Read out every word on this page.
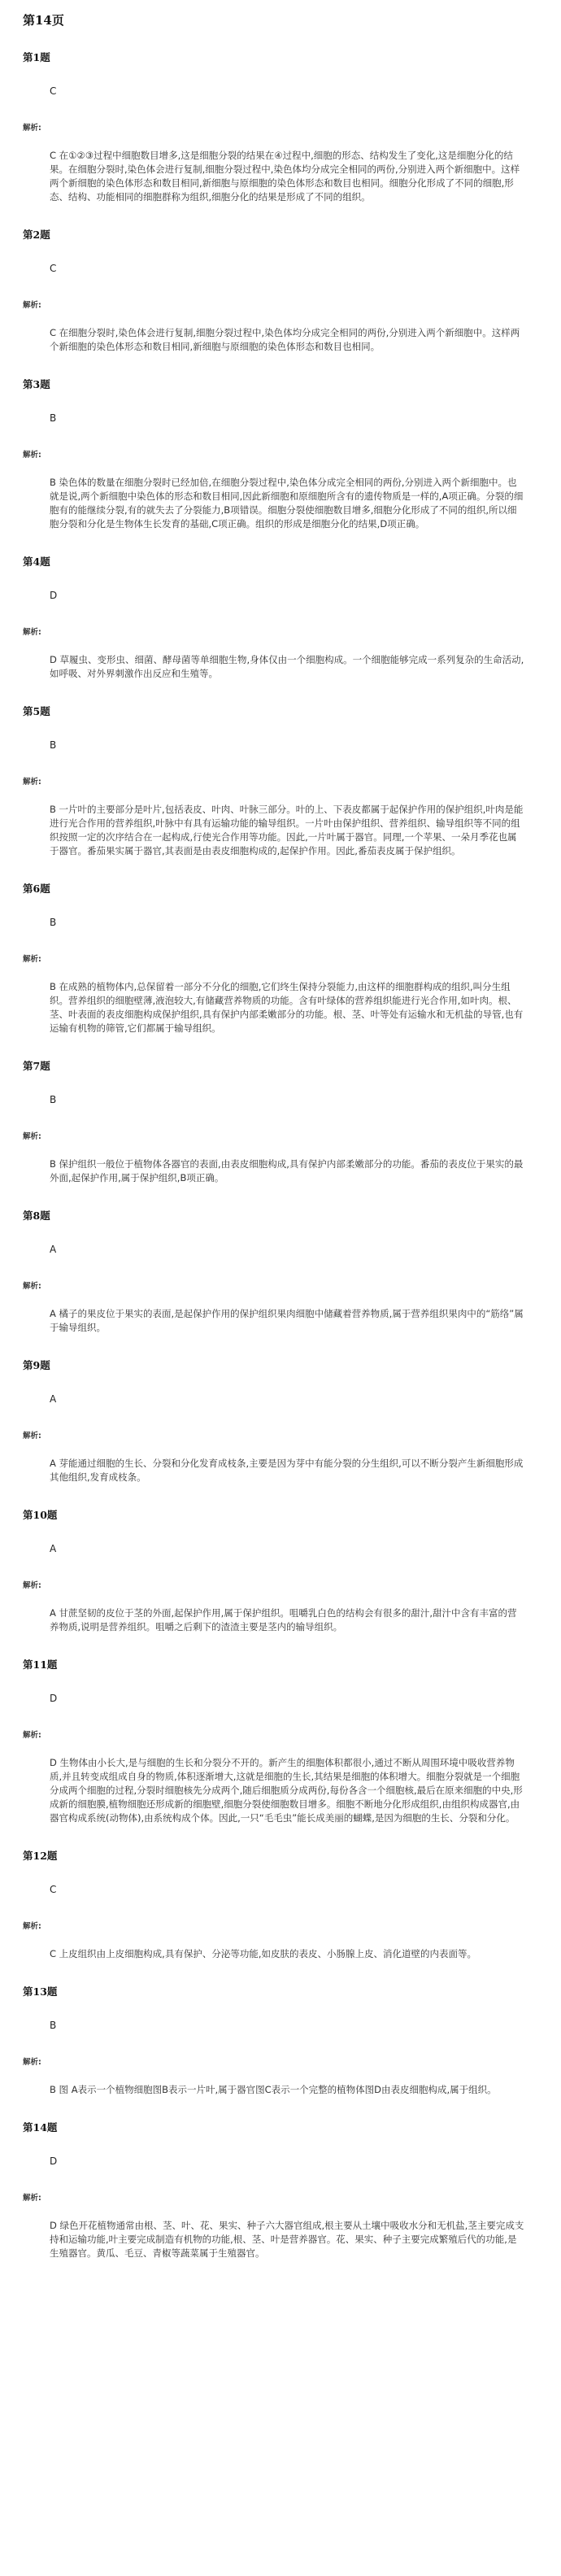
第14页
第1题
C
解析:
C 在①②③过程中细胞数目增多,这是细胞分裂的结果在④过程中,细胞的形态、结构发生了变化,这是细胞分化的结果。在细胞分裂时,染色体会进行复制,细胞分裂过程中,染色体均分成完全相同的两份,分别进入两个新细胞中。这样两个新细胞的染色体形态和数目相同,新细胞与原细胞的染色体形态和数目也相同。细胞分化形成了不同的细胞,形态、结构、功能相同的细胞群称为组织,细胞分化的结果是形成了不同的组织。
第2题
C
解析:
C 在细胞分裂时,染色体会进行复制,细胞分裂过程中,染色体均分成完全相同的两份,分别进入两个新细胞中。这样两个新细胞的染色体形态和数目相同,新细胞与原细胞的染色体形态和数目也相同。
第3题
B
解析:
B 染色体的数量在细胞分裂时已经加倍,在细胞分裂过程中,染色体分成完全相同的两份,分别进入两个新细胞中。也就是说,两个新细胞中染色体的形态和数目相同,因此新细胞和原细胞所含有的遗传物质是一样的,A项正确。分裂的细胞有的能继续分裂,有的就失去了分裂能力,B项错误。细胞分裂使细胞数目增多,细胞分化形成了不同的组织,所以细胞分裂和分化是生物体生长发育的基础,C项正确。组织的形成是细胞分化的结果,D项正确。
第4题
D
解析:
D 草履虫、变形虫、细菌、酵母菌等单细胞生物,身体仅由一个细胞构成。一个细胞能够完成一系列复杂的生命活动,如呼吸、对外界刺激作出反应和生殖等。
第5题
B
解析:
B 一片叶的主要部分是叶片,包括表皮、叶肉、叶脉三部分。叶的上、下表皮都属于起保护作用的保护组织,叶肉是能进行光合作用的营养组织,叶脉中有具有运输功能的输导组织。一片叶由保护组织、营养组织、输导组织等不同的组织按照一定的次序结合在一起构成,行使光合作用等功能。因此,一片叶属于器官。同理,一个苹果、一朵月季花也属于器官。番茄果实属于器官,其表面是由表皮细胞构成的,起保护作用。因此,番茄表皮属于保护组织。
第6题
B
解析:
B 在成熟的植物体内,总保留着一部分不分化的细胞,它们终生保持分裂能力,由这样的细胞群构成的组织,叫分生组织。营养组织的细胞壁薄,液泡较大,有储藏营养物质的功能。含有叶绿体的营养组织能进行光合作用,如叶肉。根、茎、叶表面的表皮细胞构成保护组织,具有保护内部柔嫩部分的功能。根、茎、叶等处有运输水和无机盐的导管,也有运输有机物的筛管,它们都属于输导组织。
第7题
B
解析:
B 保护组织一般位于植物体各器官的表面,由表皮细胞构成,具有保护内部柔嫩部分的功能。番茄的表皮位于果实的最外面,起保护作用,属于保护组织,B项正确。
第8题
A
解析:
A 橘子的果皮位于果实的表面,是起保护作用的保护组织果肉细胞中储藏着营养物质,属于营养组织果肉中的“筋络”属于输导组织。
第9题
A
解析:
A 芽能通过细胞的生长、分裂和分化发育成枝条,主要是因为芽中有能分裂的分生组织,可以不断分裂产生新细胞形成其他组织,发育成枝条。
第10题
A
解析:
A 甘蔗坚韧的皮位于茎的外面,起保护作用,属于保护组织。咀嚼乳白色的结构会有很多的甜汁,甜汁中含有丰富的营养物质,说明是营养组织。咀嚼之后剩下的渣渣主要是茎内的输导组织。
第11题
D
解析:
D 生物体由小长大,是与细胞的生长和分裂分不开的。新产生的细胞体积都很小,通过不断从周围环境中吸收营养物质,并且转变成组成自身的物质,体积逐渐增大,这就是细胞的生长,其结果是细胞的体积增大。细胞分裂就是一个细胞分成两个细胞的过程,分裂时细胞核先分成两个,随后细胞质分成两份,每份各含一个细胞核,最后在原来细胞的中央,形成新的细胞膜,植物细胞还形成新的细胞壁,细胞分裂使细胞数目增多。细胞不断地分化形成组织,由组织构成器官,由器官构成系统(动物体),由系统构成个体。因此,一只“毛毛虫”能长成美丽的蝴蝶,是因为细胞的生长、分裂和分化。
第12题
C
解析:
C 上皮组织由上皮细胞构成,具有保护、分泌等功能,如皮肤的表皮、小肠腺上皮、消化道壁的内表面等。
第13题
B
解析:
B 图 A表示一个植物细胞图B表示一片叶,属于器官图C表示一个完整的植物体图D由表皮细胞构成,属于组织。
第14题
D
解析:
D 绿色开花植物通常由根、茎、叶、花、果实、种子六大器官组成,根主要从土壤中吸收水分和无机盐,茎主要完成支持和运输功能,叶主要完成制造有机物的功能,根、茎、叶是营养器官。花、果实、种子主要完成繁殖后代的功能,是生殖器官。黄瓜、毛豆、青椒等蔬菜属于生殖器官。
